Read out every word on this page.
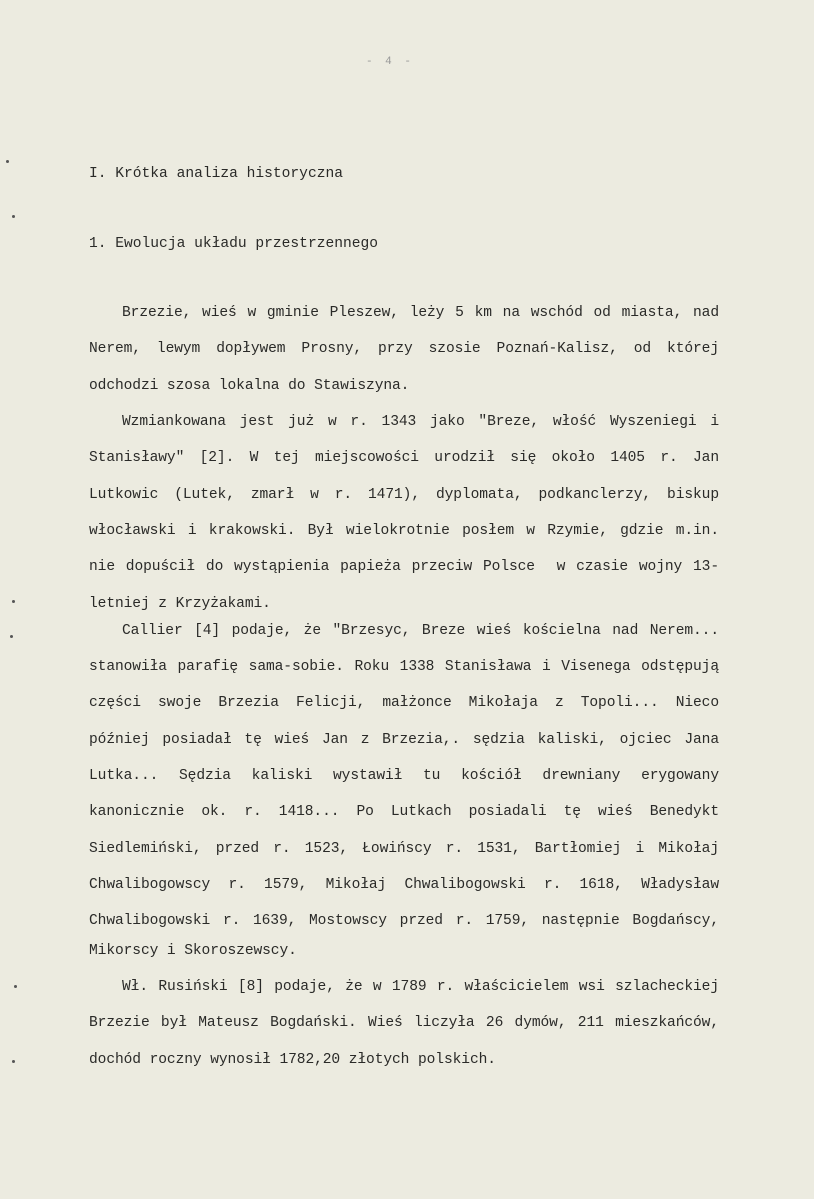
- 4 -
I. Krótka analiza historyczna
1. Ewolucja układu przestrzennego
Brzezie, wieś w gminie Pleszew, leży 5 km na wschód od miasta, nad
Nerem, lewym dopływem Prosny, przy szosie Poznań-Kalisz, od której
odchodzi szosa lokalna do Stawiszyna.
Wzmiankowana jest już w r. 1343 jako "Breze, włość Wyszeniegi i
Stanisławy" [2]. W tej miejscowości urodził się około 1405 r. Jan
Lutkowic (Lutek, zmarł w r. 1471), dyplomata, podkanclerzy, biskup
włocławski i krakowski. Był wielokrotnie posłem w Rzymie, gdzie m.in.
nie dopuścił do wystąpienia papieża przeciw Polsce  w czasie wojny 13-
letniej z Krzyżakami.
Callier [4] podaje, że "Brzesyc, Breze wieś kościelna nad Nerem...
stanowiła parafię sama-sobie. Roku 1338 Stanisława i Visenega odstępują
części swoje Brzezia Felicji, małżonce Mikołaja z Topoli... Nieco
później posiadał tę wieś Jan z Brzezia,. sędzia kaliski, ojciec Jana
Lutka... Sędzia kaliski wystawił tu kościół drewniany erygowany
kanonicznie ok. r. 1418... Po Lutkach posiadali tę wieś Benedykt
Siedlemiński, przed r. 1523, Łowińscy r. 1531, Bartłomiej i Mikołaj
Chwalibogowscy r. 1579, Mikołaj Chwalibogowski r. 1618, Władysław
Chwalibogowski r. 1639, Mostowscy przed r. 1759, następnie Bogdańscy,
Mikorscy i Skoroszewscy.
Wł. Rusiński [8] podaje, że w 1789 r. właścicielem wsi szlacheckiej
Brzezie był Mateusz Bogdański. Wieś liczyła 26 dymów, 211 mieszkańców,
dochód roczny wynosił 1782,20 złotych polskich.
